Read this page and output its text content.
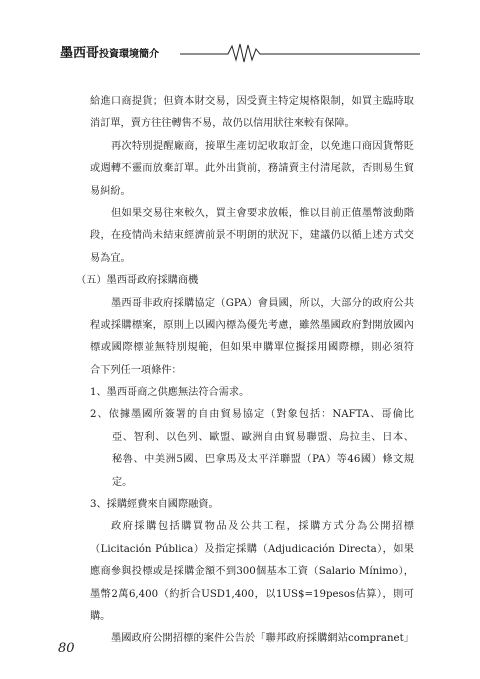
墨西哥投資環境簡介
給進口商提貨；但資本財交易，因受賣主特定規格限制，如買主臨時取
消訂單，賣方往往轉售不易，故仍以信用狀往來較有保障。
再次特別提醒廠商，接單生產切記收取訂金，以免進口商因貨幣貶
或週轉不靈而放棄訂單。此外出貨前，務請賣主付清尾款，否則易生貿
易糾紛。
但如果交易往來較久，買主會要求放帳，惟以目前正值墨幣波動階
段，在疫情尚未結束經濟前景不明朗的狀況下，建議仍以循上述方式交
易為宜。
（五）墨西哥政府採購商機
墨西哥非政府採購協定（GPA）會員國，所以，大部分的政府公共
程或採購標案，原則上以國內標為優先考慮，雖然墨國政府對開放國內
標或國際標並無特別規範，但如果申購單位擬採用國際標，則必須符
合下列任一項條件：
1、墨西哥商之供應無法符合需求。
2、依據墨國所簽署的自由貿易協定（對象包括：NAFTA、哥倫比
亞、智利、以色列、歐盟、歐洲自由貿易聯盟、烏拉圭、日本、
秘魯、中美洲5國、巴拿馬及太平洋聯盟（PA）等46國）條文規
定。
3、採購經費來自國際融資。
政府採購包括購買物品及公共工程，採購方式分為公開招標
（Licitación Pública）及指定採購（Adjudicación Directa），如果
應商參與投標或是採購金額不到300個基本工資（Salario Mínimo），
墨幣2萬6,400（約折合USD1,400，以1US$=19pesos估算），則可
購。
墨國政府公開招標的案件公告於「聯邦政府採購網站compranet」
80
